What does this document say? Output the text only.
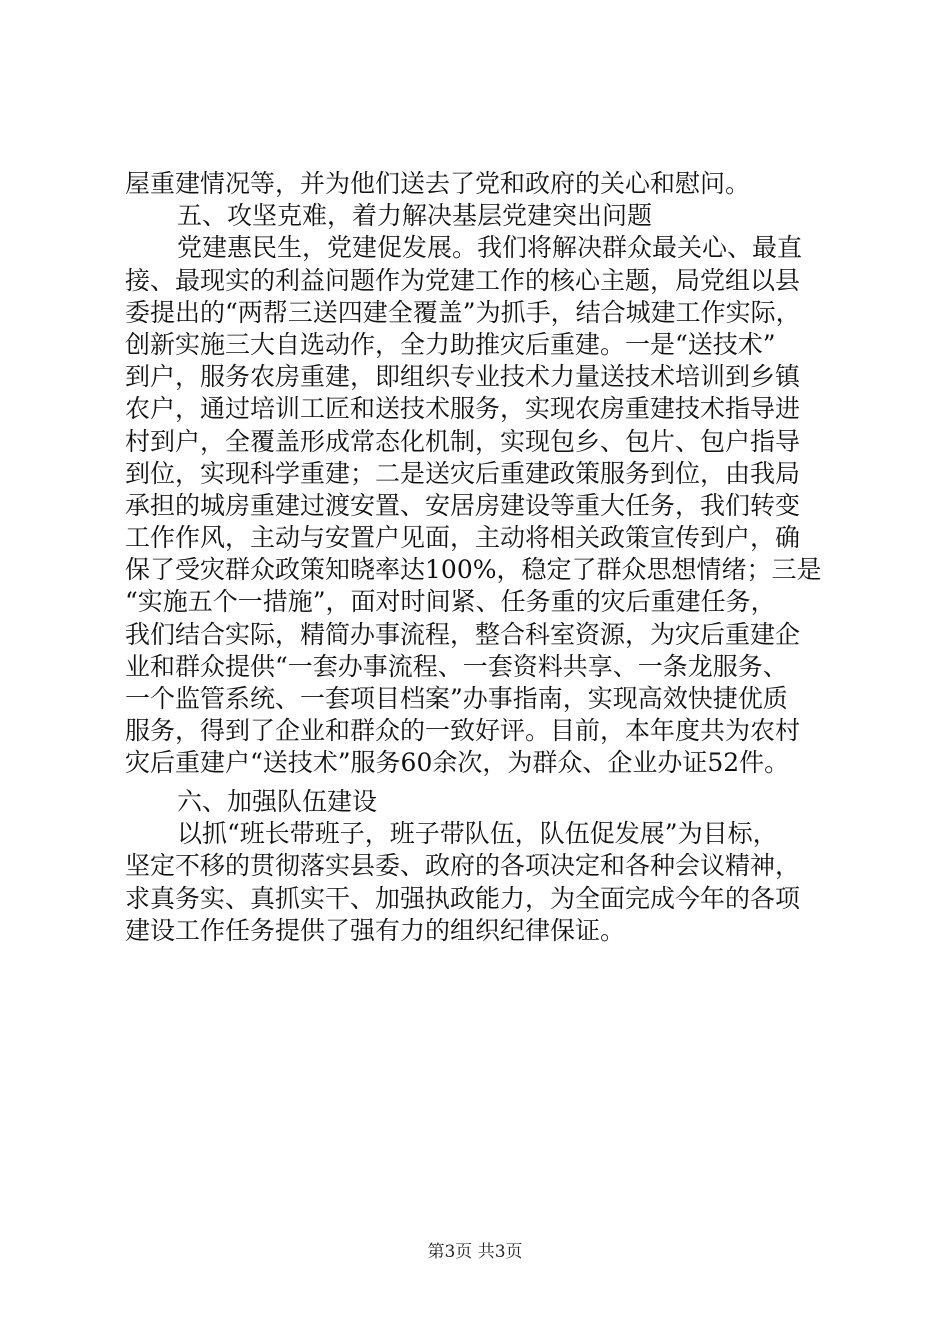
屋重建情况等，并为他们送去了党和政府的关心和慰问。
五、攻坚克难，着力解决基层党建突出问题
党建惠民生，党建促发展。我们将解决群众最关心、最直
接、最现实的利益问题作为党建工作的核心主题，局党组以县
委提出的“两帮三送四建全覆盖”为抓手，结合城建工作实际，
创新实施三大自选动作，全力助推灾后重建。一是“送技术”
到户，服务农房重建，即组织专业技术力量送技术培训到乡镇
农户，通过培训工匠和送技术服务，实现农房重建技术指导进
村到户，全覆盖形成常态化机制，实现包乡、包片、包户指导
到位，实现科学重建；二是送灾后重建政策服务到位，由我局
承担的城房重建过渡安置、安居房建设等重大任务，我们转变
工作作风，主动与安置户见面，主动将相关政策宣传到户，确
保了受灾群众政策知晓率达100%，稳定了群众思想情绪；三是
“实施五个一措施”，面对时间紧、任务重的灾后重建任务，
我们结合实际，精简办事流程，整合科室资源，为灾后重建企
业和群众提供“一套办事流程、一套资料共享、一条龙服务、
一个监管系统、一套项目档案”办事指南，实现高效快捷优质
服务，得到了企业和群众的一致好评。目前，本年度共为农村
灾后重建户“送技术”服务60余次，为群众、企业办证52件。
六、加强队伍建设
以抓“班长带班子，班子带队伍，队伍促发展”为目标，
坚定不移的贯彻落实县委、政府的各项决定和各种会议精神，
求真务实、真抓实干、加强执政能力，为全面完成今年的各项
建设工作任务提供了强有力的组织纪律保证。
第3页 共3页
